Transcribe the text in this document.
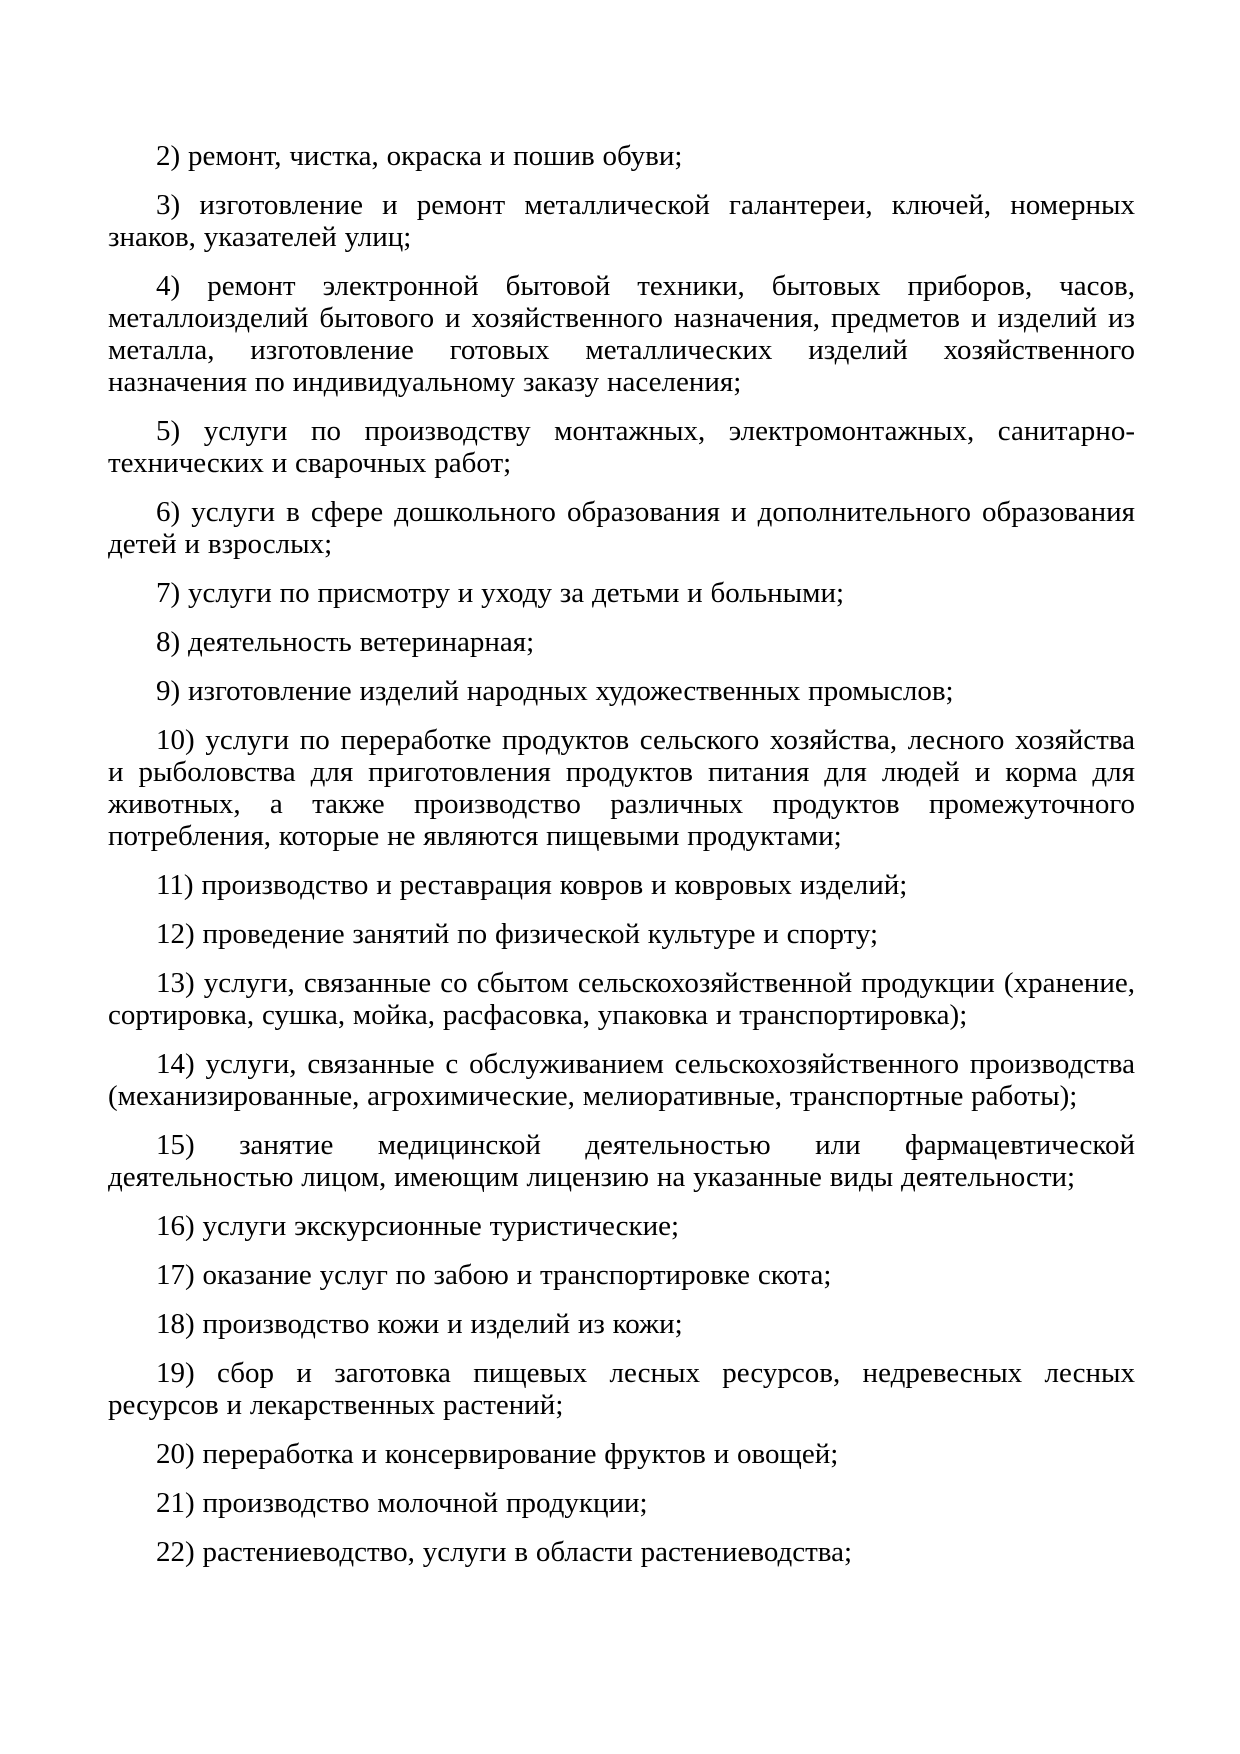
2) ремонт, чистка, окраска и пошив обуви;

3) изготовление и ремонт металлической галантереи, ключей, номерных знаков, указателей улиц;

4) ремонт электронной бытовой техники, бытовых приборов, часов, металлоизделий бытового и хозяйственного назначения, предметов и изделий из металла, изготовление готовых металлических изделий хозяйственного назначения по индивидуальному заказу населения;

5) услуги по производству монтажных, электромонтажных, санитарно-технических и сварочных работ;

6) услуги в сфере дошкольного образования и дополнительного образования детей и взрослых;

7) услуги по присмотру и уходу за детьми и больными;

8) деятельность ветеринарная;

9) изготовление изделий народных художественных промыслов;

10) услуги по переработке продуктов сельского хозяйства, лесного хозяйства и рыболовства для приготовления продуктов питания для людей и корма для животных, а также производство различных продуктов промежуточного потребления, которые не являются пищевыми продуктами;

11) производство и реставрация ковров и ковровых изделий;

12) проведение занятий по физической культуре и спорту;

13) услуги, связанные со сбытом сельскохозяйственной продукции (хранение, сортировка, сушка, мойка, расфасовка, упаковка и транспортировка);

14) услуги, связанные с обслуживанием сельскохозяйственного производства (механизированные, агрохимические, мелиоративные, транспортные работы);

15) занятие медицинской деятельностью или фармацевтической деятельностью лицом, имеющим лицензию на указанные виды деятельности;

16) услуги экскурсионные туристические;

17) оказание услуг по забою и транспортировке скота;

18) производство кожи и изделий из кожи;

19) сбор и заготовка пищевых лесных ресурсов, недревесных лесных ресурсов и лекарственных растений;

20) переработка и консервирование фруктов и овощей;

21) производство молочной продукции;

22) растениеводство, услуги в области растениеводства;
